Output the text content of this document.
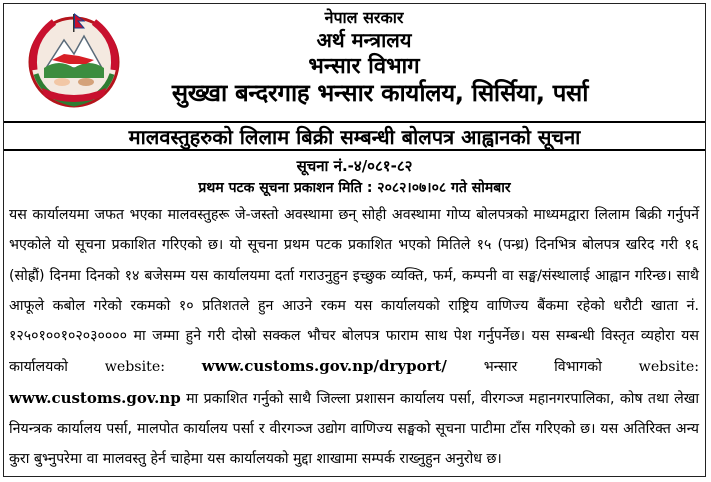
नेपाल सरकार
अर्थ मन्त्रालय
भन्सार विभाग
सुख्खा बन्दरगाह भन्सार कार्यालय, सिर्सिया, पर्सा
मालवस्तुहरुको लिलाम बिक्री सम्बन्धी बोलपत्र आह्वानको सूचना
सूचना नं.-४/०८१-८२
प्रथम पटक सूचना प्रकाशन मिति : २०८२।०७।०८ गते सोमबार
यस कार्यालयमा जफत भएका मालवस्तुहरू जे-जस्तो अवस्थामा छन् सोही अवस्थामा गोप्य बोलपत्रको माध्यमद्वारा लिलाम बिक्री गर्नुपर्ने भएकोले यो सूचना प्रकाशित गरिएको छ। यो सूचना प्रथम पटक प्रकाशित भएको मितिले १५ (पन्ध्र) दिनभित्र बोलपत्र खरिद गरी १६ (सोह्रौं) दिनमा दिनको १४ बजेसम्म यस कार्यालयमा दर्ता गराउनुहुन इच्छुक व्यक्ति, फर्म, कम्पनी वा सङ्घ/संस्थालाई आह्वान गरिन्छ। साथै आफूले कबोल गरेको रकमको १० प्रतिशतले हुन आउने रकम यस कार्यालयको राष्ट्रिय वाणिज्य बैंकमा रहेको धरौटी खाता नं. १२५०१००१०२०३०००० मा जम्मा हुने गरी दोस्रो सक्कल भौचर बोलपत्र फाराम साथ पेश गर्नुपर्नेछ। यस सम्बन्धी विस्तृत व्यहोरा यस कार्यालयको website: www.customs.gov.np/dryport/ भन्सार विभागको website: www.customs.gov.np मा प्रकाशित गर्नुको साथै जिल्ला प्रशासन कार्यालय पर्सा, वीरगञ्ज महानगरपालिका, कोष तथा लेखा नियन्त्रक कार्यालय पर्सा, मालपोत कार्यालय पर्सा र वीरगञ्ज उद्योग वाणिज्य सङ्घको सूचना पाटीमा टाँस गरिएको छ। यस अतिरिक्त अन्य कुरा बुभ्नुपरेमा वा मालवस्तु हेर्न चाहेमा यस कार्यालयको मुद्दा शाखामा सम्पर्क राख्नुहुन अनुरोध छ।
